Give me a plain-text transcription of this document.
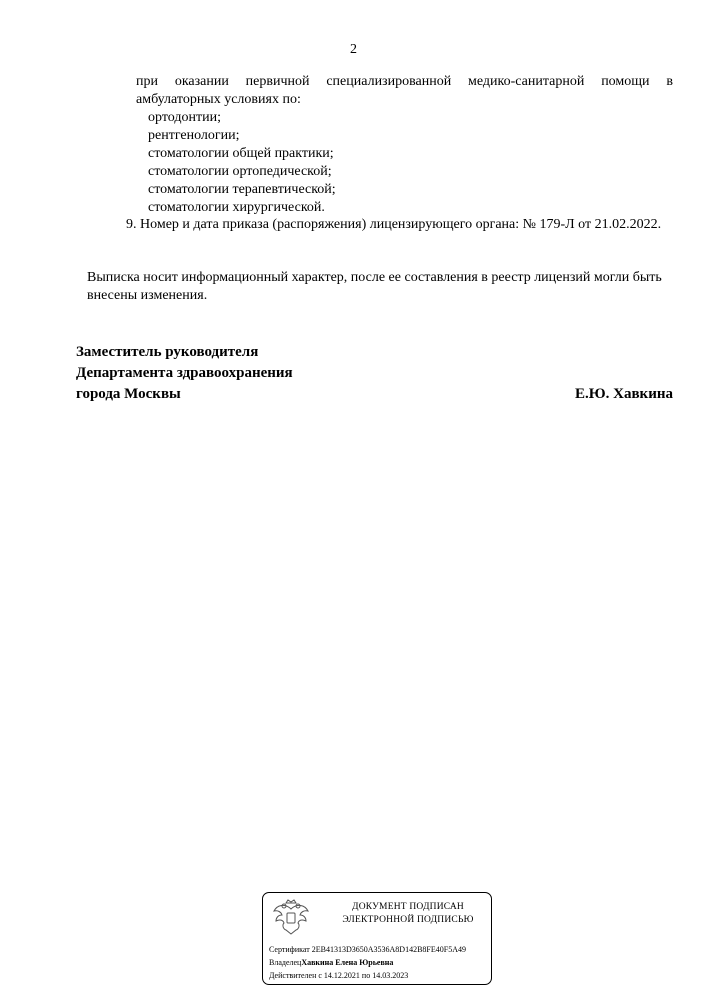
2
при оказании первичной специализированной медико-санитарной помощи в
амбулаторных условиях по:
ортодонтии;
рентгенологии;
стоматологии общей практики;
стоматологии ортопедической;
стоматологии терапевтической;
стоматологии хирургической.
9. Номер и дата приказа (распоряжения) лицензирующего органа: № 179-Л от 21.02.2022.
Выписка носит информационный характер, после ее составления в реестр лицензий могли быть
внесены изменения.
Заместитель руководителя
Департамента здравоохранения
города Москвы	Е.Ю. Хавкина
ДОКУМЕНТ ПОДПИСАН
ЭЛЕКТРОННОЙ ПОДПИСЬЮ
Сертификат 2EB41313D3650A3536A8D142B8FE40F5A49
ВладелецХавкина Елена Юрьевна
Действителен с 14.12.2021 по 14.03.2023
